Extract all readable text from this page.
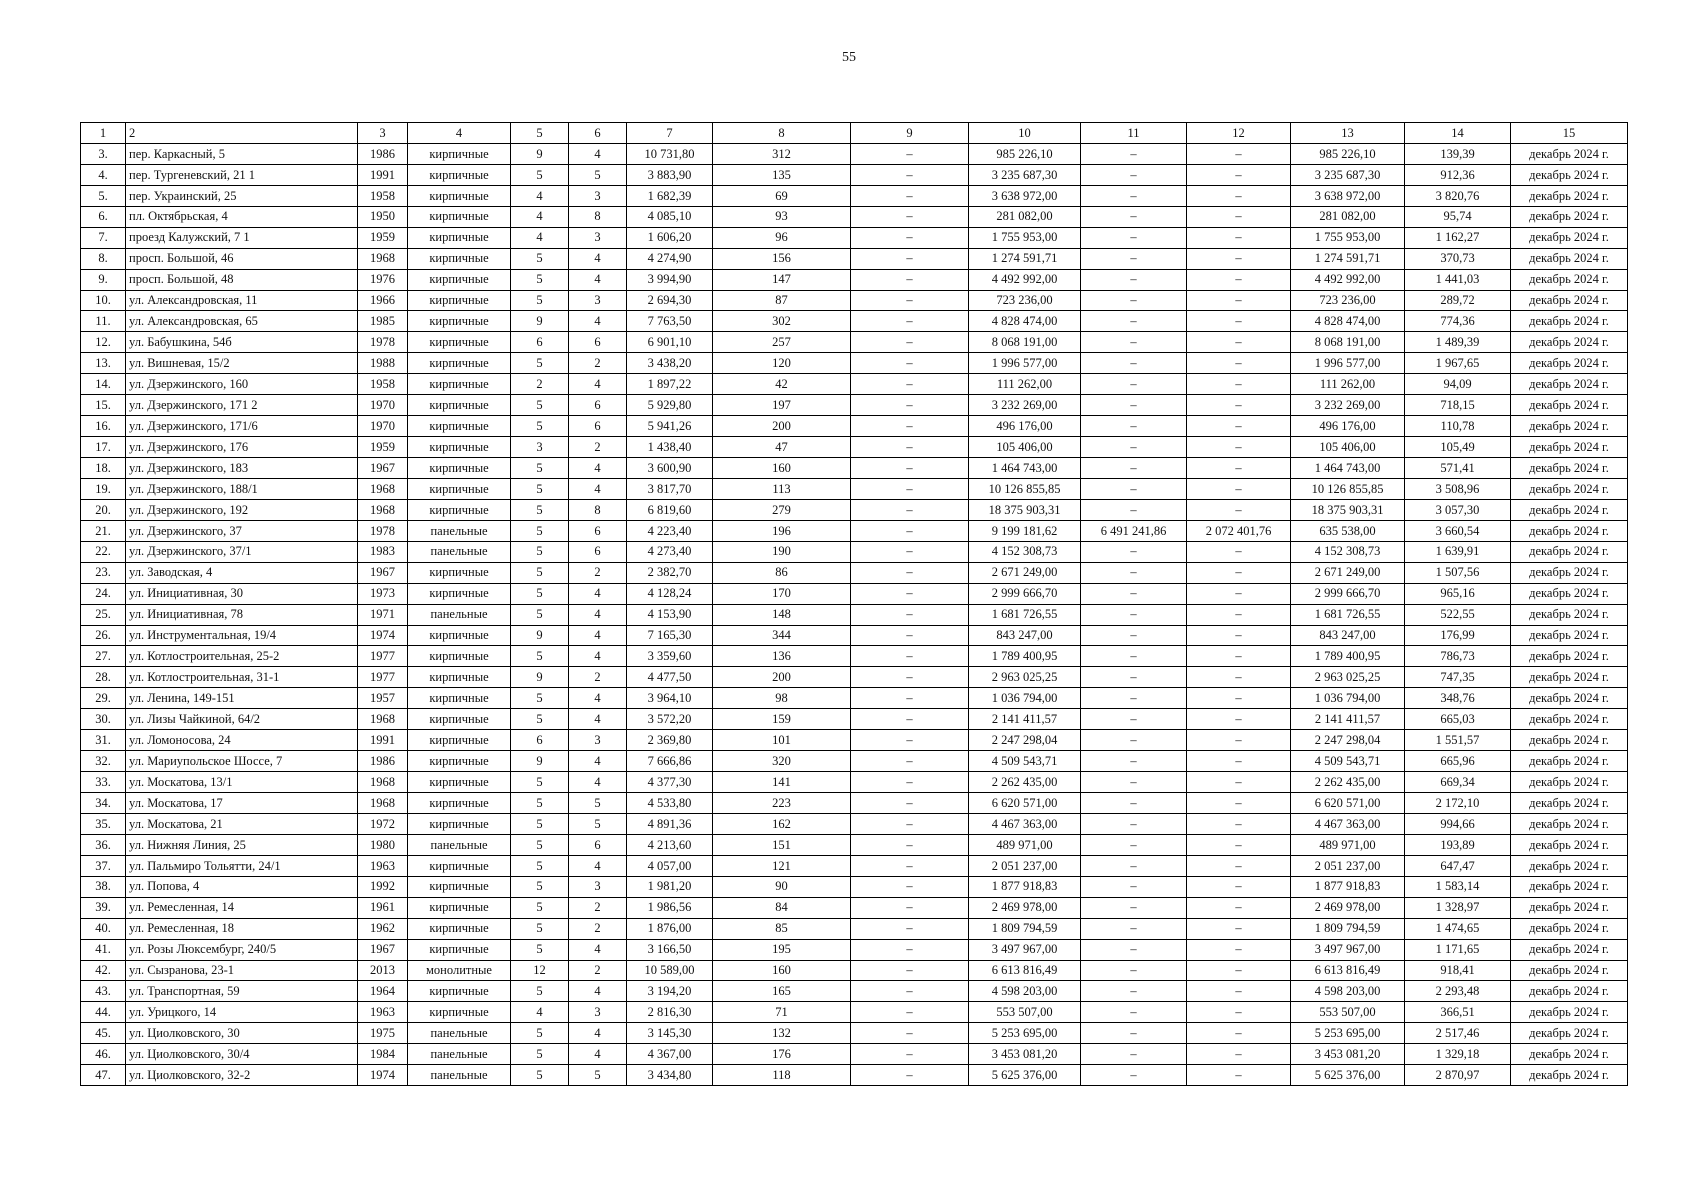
55
1	2	3	4	5	6	7	8	9	10	11	12	13	14	15
3.	пер. Каркасный, 5	1986	кирпичные	9	4	10 731,80	312	–	985 226,10	–	–	985 226,10	139,39	декабрь 2024 г.
4.	пер. Тургеневский, 21 1	1991	кирпичные	5	5	3 883,90	135	–	3 235 687,30	–	–	3 235 687,30	912,36	декабрь 2024 г.
5.	пер. Украинский, 25	1958	кирпичные	4	3	1 682,39	69	–	3 638 972,00	–	–	3 638 972,00	3 820,76	декабрь 2024 г.
6.	пл. Октябрьская, 4	1950	кирпичные	4	8	4 085,10	93	–	281 082,00	–	–	281 082,00	95,74	декабрь 2024 г.
7.	проезд Калужский, 7 1	1959	кирпичные	4	3	1 606,20	96	–	1 755 953,00	–	–	1 755 953,00	1 162,27	декабрь 2024 г.
8.	просп. Большой, 46	1968	кирпичные	5	4	4 274,90	156	–	1 274 591,71	–	–	1 274 591,71	370,73	декабрь 2024 г.
9.	просп. Большой, 48	1976	кирпичные	5	4	3 994,90	147	–	4 492 992,00	–	–	4 492 992,00	1 441,03	декабрь 2024 г.
10.	ул. Александровская, 11	1966	кирпичные	5	3	2 694,30	87	–	723 236,00	–	–	723 236,00	289,72	декабрь 2024 г.
11.	ул. Александровская, 65	1985	кирпичные	9	4	7 763,50	302	–	4 828 474,00	–	–	4 828 474,00	774,36	декабрь 2024 г.
12.	ул. Бабушкина, 54б	1978	кирпичные	6	6	6 901,10	257	–	8 068 191,00	–	–	8 068 191,00	1 489,39	декабрь 2024 г.
13.	ул. Вишневая, 15/2	1988	кирпичные	5	2	3 438,20	120	–	1 996 577,00	–	–	1 996 577,00	1 967,65	декабрь 2024 г.
14.	ул. Дзержинского, 160	1958	кирпичные	2	4	1 897,22	42	–	111 262,00	–	–	111 262,00	94,09	декабрь 2024 г.
15.	ул. Дзержинского, 171 2	1970	кирпичные	5	6	5 929,80	197	–	3 232 269,00	–	–	3 232 269,00	718,15	декабрь 2024 г.
16.	ул. Дзержинского, 171/6	1970	кирпичные	5	6	5 941,26	200	–	496 176,00	–	–	496 176,00	110,78	декабрь 2024 г.
17.	ул. Дзержинского, 176	1959	кирпичные	3	2	1 438,40	47	–	105 406,00	–	–	105 406,00	105,49	декабрь 2024 г.
18.	ул. Дзержинского, 183	1967	кирпичные	5	4	3 600,90	160	–	1 464 743,00	–	–	1 464 743,00	571,41	декабрь 2024 г.
19.	ул. Дзержинского, 188/1	1968	кирпичные	5	4	3 817,70	113	–	10 126 855,85	–	–	10 126 855,85	3 508,96	декабрь 2024 г.
20.	ул. Дзержинского, 192	1968	кирпичные	5	8	6 819,60	279	–	18 375 903,31	–	–	18 375 903,31	3 057,30	декабрь 2024 г.
21.	ул. Дзержинского, 37	1978	панельные	5	6	4 223,40	196	–	9 199 181,62	6 491 241,86	2 072 401,76	635 538,00	3 660,54	декабрь 2024 г.
22.	ул. Дзержинского, 37/1	1983	панельные	5	6	4 273,40	190	–	4 152 308,73	–	–	4 152 308,73	1 639,91	декабрь 2024 г.
23.	ул. Заводская, 4	1967	кирпичные	5	2	2 382,70	86	–	2 671 249,00	–	–	2 671 249,00	1 507,56	декабрь 2024 г.
24.	ул. Инициативная, 30	1973	кирпичные	5	4	4 128,24	170	–	2 999 666,70	–	–	2 999 666,70	965,16	декабрь 2024 г.
25.	ул. Инициативная, 78	1971	панельные	5	4	4 153,90	148	–	1 681 726,55	–	–	1 681 726,55	522,55	декабрь 2024 г.
26.	ул. Инструментальная, 19/4	1974	кирпичные	9	4	7 165,30	344	–	843 247,00	–	–	843 247,00	176,99	декабрь 2024 г.
27.	ул. Котлостроительная, 25-2	1977	кирпичные	5	4	3 359,60	136	–	1 789 400,95	–	–	1 789 400,95	786,73	декабрь 2024 г.
28.	ул. Котлостроительная, 31-1	1977	кирпичные	9	2	4 477,50	200	–	2 963 025,25	–	–	2 963 025,25	747,35	декабрь 2024 г.
29.	ул. Ленина, 149-151	1957	кирпичные	5	4	3 964,10	98	–	1 036 794,00	–	–	1 036 794,00	348,76	декабрь 2024 г.
30.	ул. Лизы Чайкиной, 64/2	1968	кирпичные	5	4	3 572,20	159	–	2 141 411,57	–	–	2 141 411,57	665,03	декабрь 2024 г.
31.	ул. Ломоносова, 24	1991	кирпичные	6	3	2 369,80	101	–	2 247 298,04	–	–	2 247 298,04	1 551,57	декабрь 2024 г.
32.	ул. Мариупольское Шоссе, 7	1986	кирпичные	9	4	7 666,86	320	–	4 509 543,71	–	–	4 509 543,71	665,96	декабрь 2024 г.
33.	ул. Москатова, 13/1	1968	кирпичные	5	4	4 377,30	141	–	2 262 435,00	–	–	2 262 435,00	669,34	декабрь 2024 г.
34.	ул. Москатова, 17	1968	кирпичные	5	5	4 533,80	223	–	6 620 571,00	–	–	6 620 571,00	2 172,10	декабрь 2024 г.
35.	ул. Москатова, 21	1972	кирпичные	5	5	4 891,36	162	–	4 467 363,00	–	–	4 467 363,00	994,66	декабрь 2024 г.
36.	ул. Нижняя Линия, 25	1980	панельные	5	6	4 213,60	151	–	489 971,00	–	–	489 971,00	193,89	декабрь 2024 г.
37.	ул. Пальмиро Тольятти, 24/1	1963	кирпичные	5	4	4 057,00	121	–	2 051 237,00	–	–	2 051 237,00	647,47	декабрь 2024 г.
38.	ул. Попова, 4	1992	кирпичные	5	3	1 981,20	90	–	1 877 918,83	–	–	1 877 918,83	1 583,14	декабрь 2024 г.
39.	ул. Ремесленная, 14	1961	кирпичные	5	2	1 986,56	84	–	2 469 978,00	–	–	2 469 978,00	1 328,97	декабрь 2024 г.
40.	ул. Ремесленная, 18	1962	кирпичные	5	2	1 876,00	85	–	1 809 794,59	–	–	1 809 794,59	1 474,65	декабрь 2024 г.
41.	ул. Розы Люксембург, 240/5	1967	кирпичные	5	4	3 166,50	195	–	3 497 967,00	–	–	3 497 967,00	1 171,65	декабрь 2024 г.
42.	ул. Сызранова, 23-1	2013	монолитные	12	2	10 589,00	160	–	6 613 816,49	–	–	6 613 816,49	918,41	декабрь 2024 г.
43.	ул. Транспортная, 59	1964	кирпичные	5	4	3 194,20	165	–	4 598 203,00	–	–	4 598 203,00	2 293,48	декабрь 2024 г.
44.	ул. Урицкого, 14	1963	кирпичные	4	3	2 816,30	71	–	553 507,00	–	–	553 507,00	366,51	декабрь 2024 г.
45.	ул. Циолковского, 30	1975	панельные	5	4	3 145,30	132	–	5 253 695,00	–	–	5 253 695,00	2 517,46	декабрь 2024 г.
46.	ул. Циолковского, 30/4	1984	панельные	5	4	4 367,00	176	–	3 453 081,20	–	–	3 453 081,20	1 329,18	декабрь 2024 г.
47.	ул. Циолковского, 32-2	1974	панельные	5	5	3 434,80	118	–	5 625 376,00	–	–	5 625 376,00	2 870,97	декабрь 2024 г.
